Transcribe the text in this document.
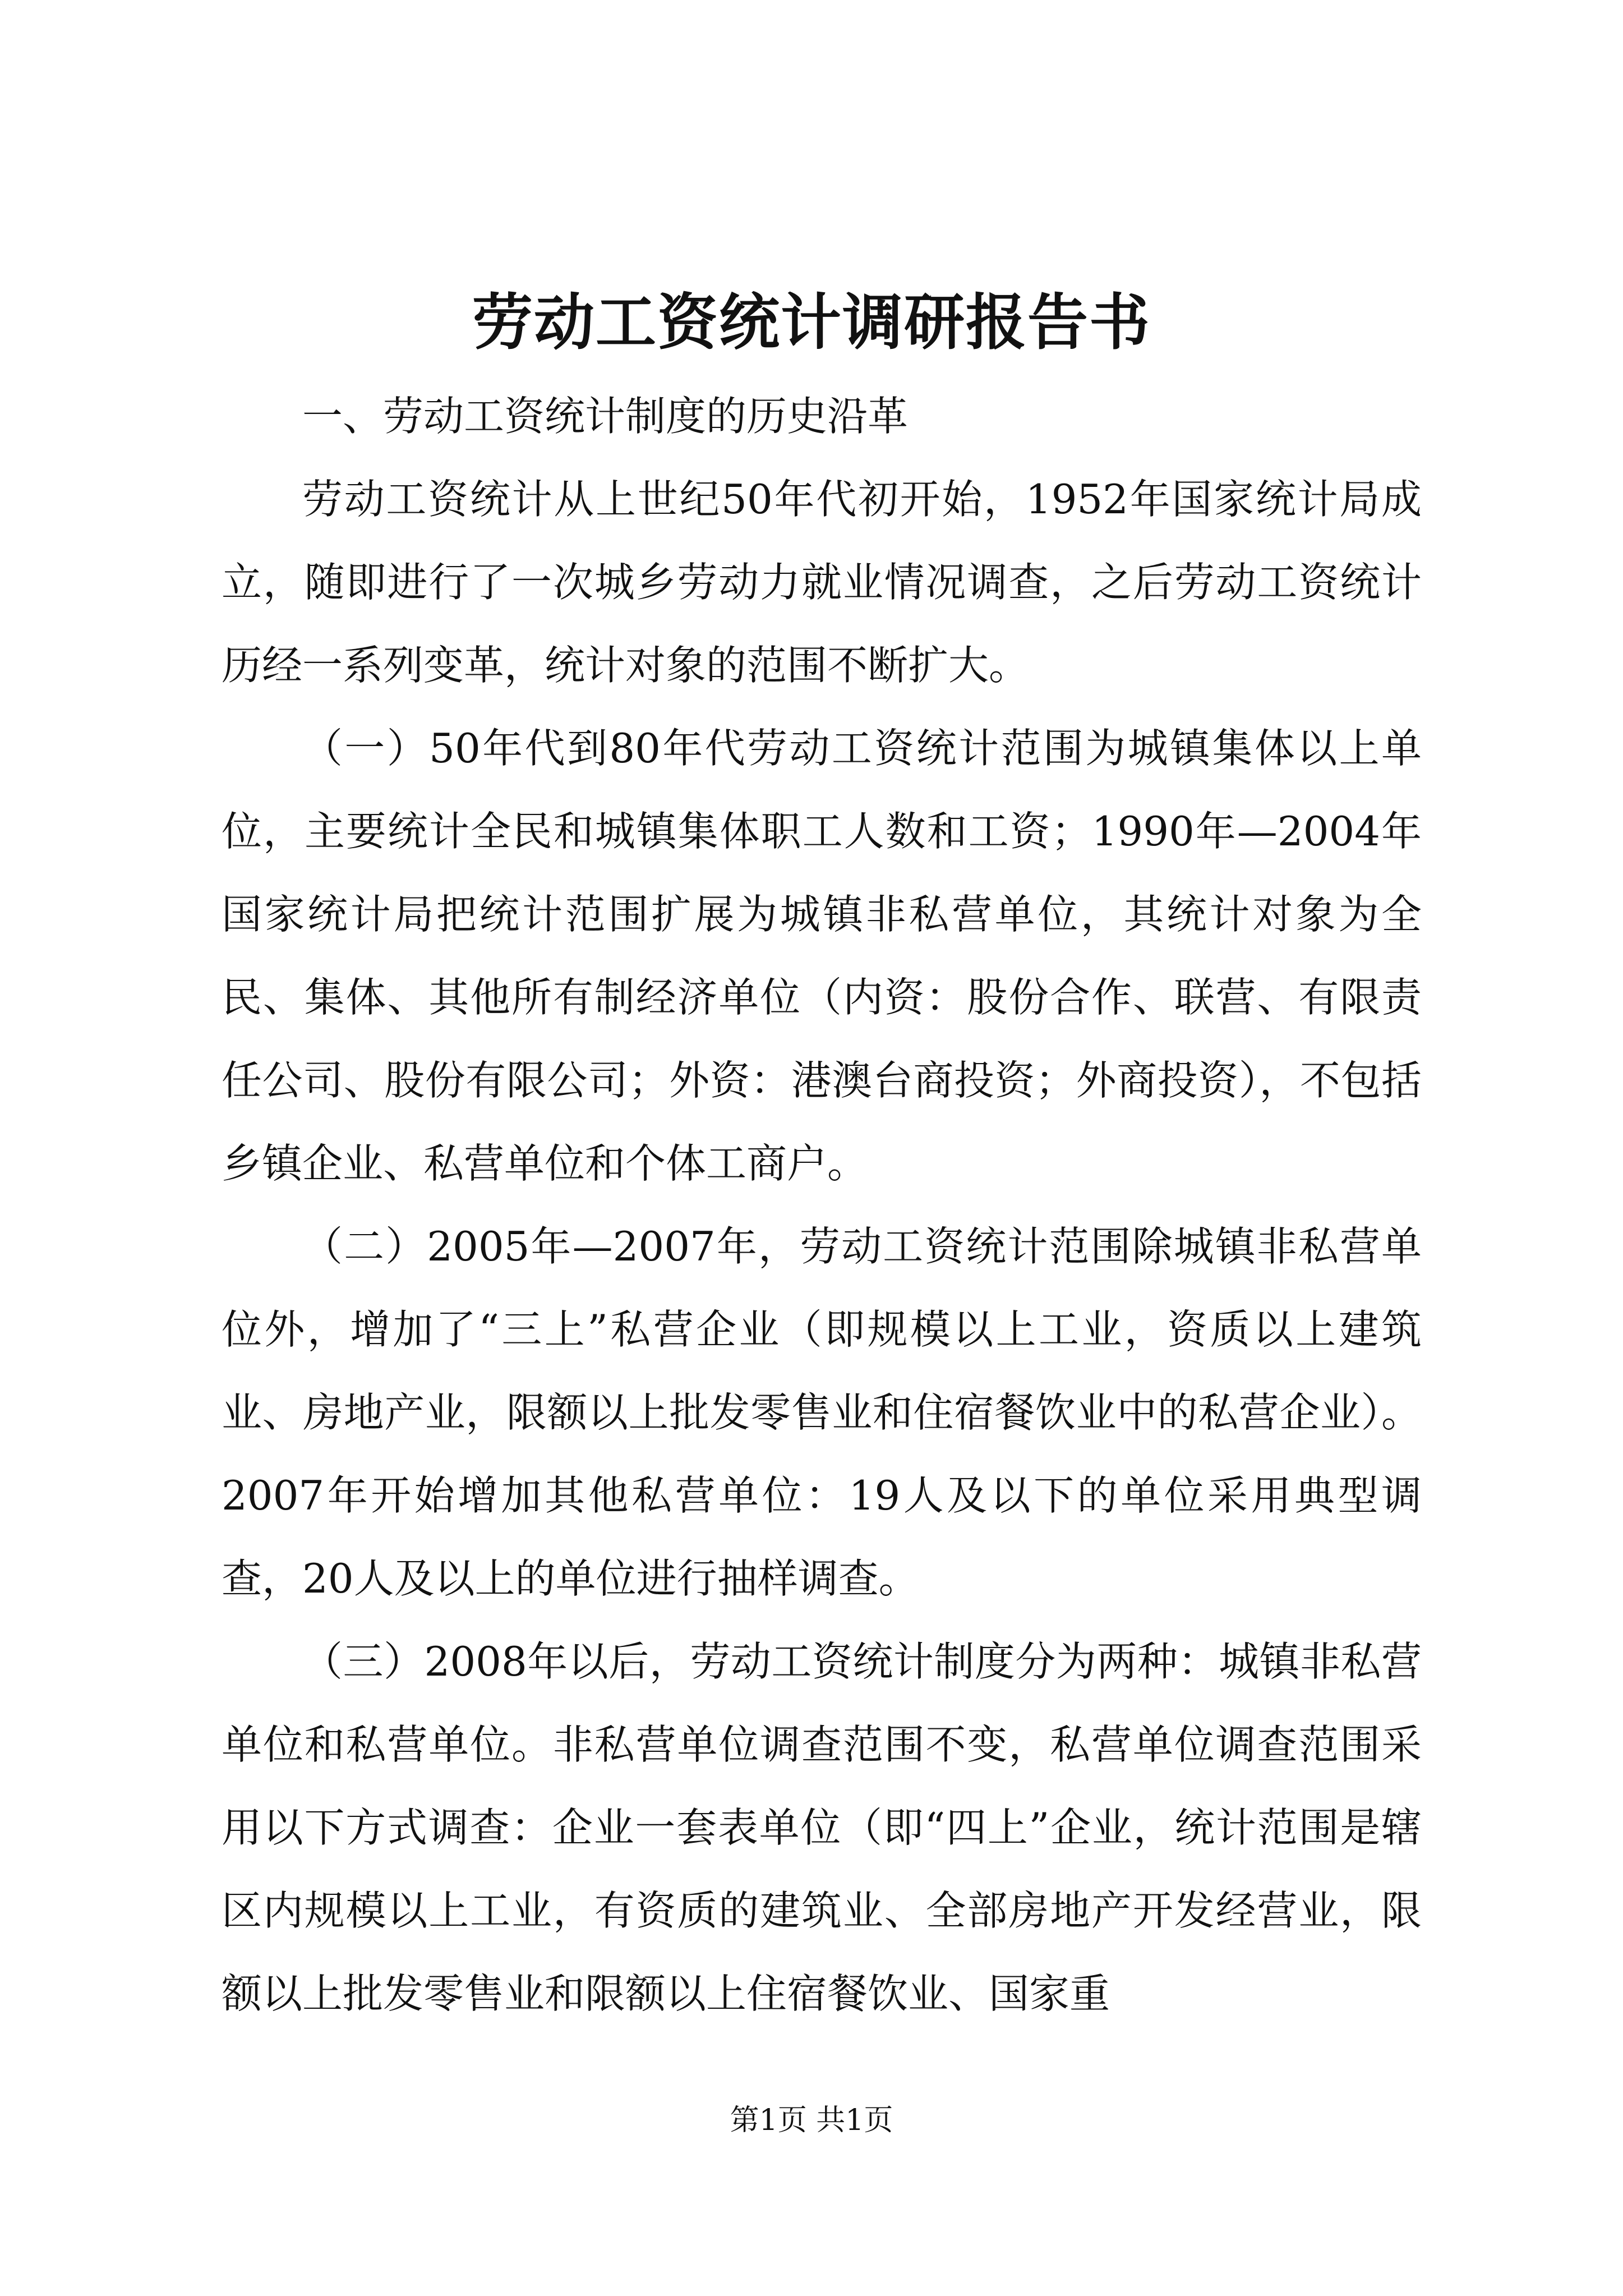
劳动工资统计调研报告书

一、劳动工资统计制度的历史沿革

劳动工资统计从上世纪50年代初开始，1952年国家统计局成立，随即进行了一次城乡劳动力就业情况调查，之后劳动工资统计历经一系列变革，统计对象的范围不断扩大。

（一）50年代到80年代劳动工资统计范围为城镇集体以上单位，主要统计全民和城镇集体职工人数和工资；1990年—2004年国家统计局把统计范围扩展为城镇非私营单位，其统计对象为全民、集体、其他所有制经济单位（内资：股份合作、联营、有限责任公司、股份有限公司；外资：港澳台商投资；外商投资），不包括乡镇企业、私营单位和个体工商户。

（二）2005年—2007年，劳动工资统计范围除城镇非私营单位外，增加了“三上”私营企业（即规模以上工业，资质以上建筑业、房地产业，限额以上批发零售业和住宿餐饮业中的私营企业）。2007年开始增加其他私营单位：19人及以下的单位采用典型调查，20人及以上的单位进行抽样调查。

（三）2008年以后，劳动工资统计制度分为两种：城镇非私营单位和私营单位。非私营单位调查范围不变，私营单位调查范围采用以下方式调查：企业一套表单位（即“四上”企业，统计范围是辖区内规模以上工业，有资质的建筑业、全部房地产开发经营业，限额以上批发零售业和限额以上住宿餐饮业、国家重

第1页 共1页
